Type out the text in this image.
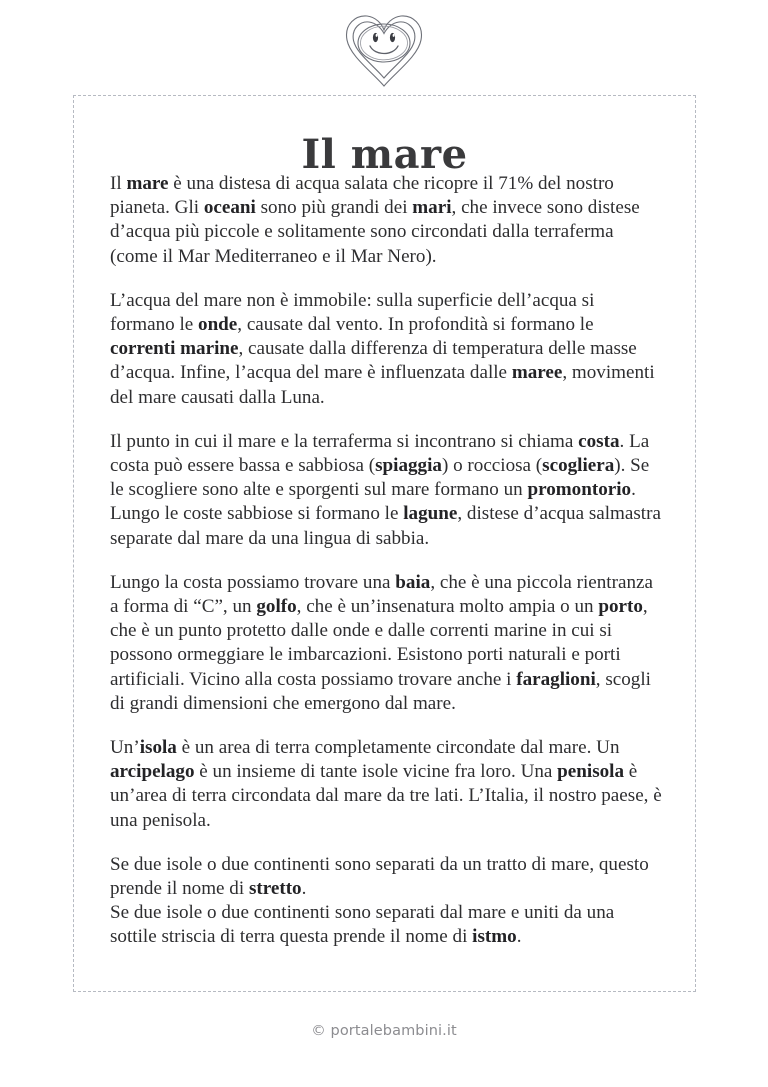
Il mare

Il mare è una distesa di acqua salata che ricopre il 71% del nostro pianeta. Gli oceani sono più grandi dei mari, che invece sono distese d’acqua più piccole e solitamente sono circondati dalla terraferma (come il Mar Mediterraneo e il Mar Nero).

L’acqua del mare non è immobile: sulla superficie dell’acqua si formano le onde, causate dal vento. In profondità si formano le correnti marine, causate dalla differenza di temperatura delle masse d’acqua. Infine, l’acqua del mare è influenzata dalle maree, movimenti del mare causati dalla Luna.

Il punto in cui il mare e la terraferma si incontrano si chiama costa. La costa può essere bassa e sabbiosa (spiaggia) o rocciosa (scogliera). Se le scogliere sono alte e sporgenti sul mare formano un promontorio. Lungo le coste sabbiose si formano le lagune, distese d’acqua salmastra separate dal mare da una lingua di sabbia.

Lungo la costa possiamo trovare una baia, che è una piccola rientranza a forma di “C”, un golfo, che è un’insenatura molto ampia o un porto, che è un punto protetto dalle onde e dalle correnti marine in cui si possono ormeggiare le imbarcazioni. Esistono porti naturali e porti artificiali. Vicino alla costa possiamo trovare anche i faraglioni, scogli di grandi dimensioni che emergono dal mare.

Un’isola è un area di terra completamente circondate dal mare. Un arcipelago è un insieme di tante isole vicine fra loro. Una penisola è un’area di terra circondata dal mare da tre lati. L’Italia, il nostro paese, è una penisola.

Se due isole o due continenti sono separati da un tratto di mare, questo prende il nome di stretto.
Se due isole o due continenti sono separati dal mare e uniti da una sottile striscia di terra questa prende il nome di istmo.

© portalebambini.it
